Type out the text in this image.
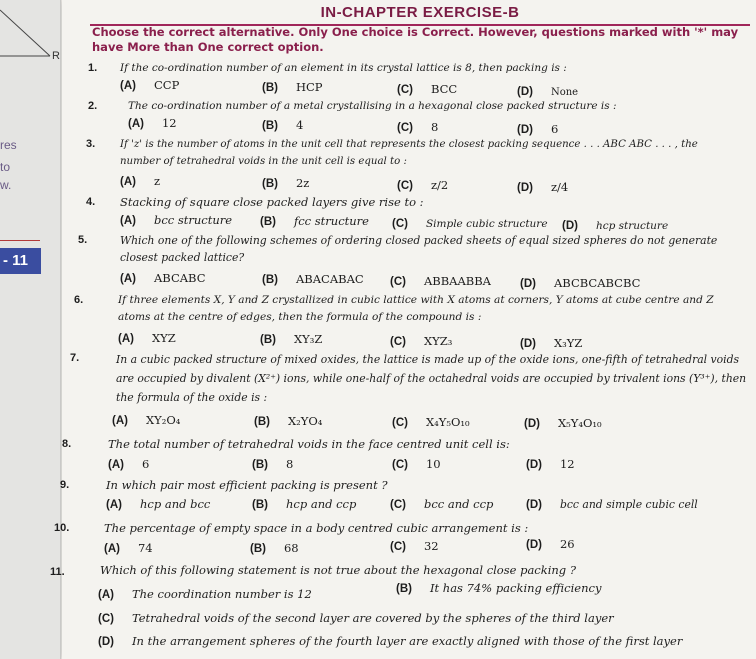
R
res
to
w.
- 11
IN-CHAPTER EXERCISE-B
Choose the correct alternative. Only One choice is Correct. However, questions marked with '*' may have More than One correct option.
1. If the co-ordination number of an element in its crystal lattice is 8, then packing is :
(A) CCP	(B) HCP	(C) BCC	(D) None
2.	The co-ordination number of a metal crystallising in a hexagonal close packed structure is :
(A) 12	(B) 4	(C) 8	(D) 6
3. If 'z' is the number of atoms in the unit cell that represents the closest packing sequence . . . ABC ABC . . . , the number of tetrahedral voids in the unit cell is equal to :
(A) z	(B) 2z	(C) z/2	(D) z/4
4. Stacking of square close packed layers give rise to :
(A) bcc structure (B) fcc structure (C) Simple cubic structure (D) hcp structure
5.	Which one of the following schemes of ordering closed packed sheets of equal sized spheres do not generate closest packed lattice?
(A) ABCABC	(B) ABACABAC (C) ABBAABBA	(D) ABCBCABCBC
6.	If three elements X, Y and Z crystallized in cubic lattice with X atoms at corners, Y atoms at cube centre and Z atoms at the centre of edges, then the formula of the compound is :
(A) XYZ	(B) XY₃Z	(C) XYZ₃	(D) X₃YZ
7.	In a cubic packed structure of mixed oxides, the lattice is made up of the oxide ions, one-fifth of tetrahedral voids are occupied by divalent (X²⁺) ions, while one-half of the octahedral voids are occupied by trivalent ions (Y³⁺), then the formula of the oxide is :
(A) XY₂O₄	(B) X₂YO₄	(C) X₄Y₅O₁₀	(D) X₅Y₄O₁₀
8.	The total number of tetrahedral voids in the face centred unit cell is:
(A) 6	(B) 8	(C) 10	(D) 12
9.	In which pair most efficient packing is present ?
(A) hcp and bcc	(B) hcp and ccp	(C) bcc and ccp	(D) bcc and simple cubic cell
10.	The percentage of empty space in a body centred cubic arrangement is :
(A) 74	(B) 68	(C) 32	(D) 26
11.	Which of this following statement is not true about the hexagonal close packing ?
(A) The coordination number is 12	(B) It has 74% packing efficiency
(C) Tetrahedral voids of the second layer are covered by the spheres of the third layer
(D) In the arrangement spheres of the fourth layer are exactly aligned with those of the first layer
